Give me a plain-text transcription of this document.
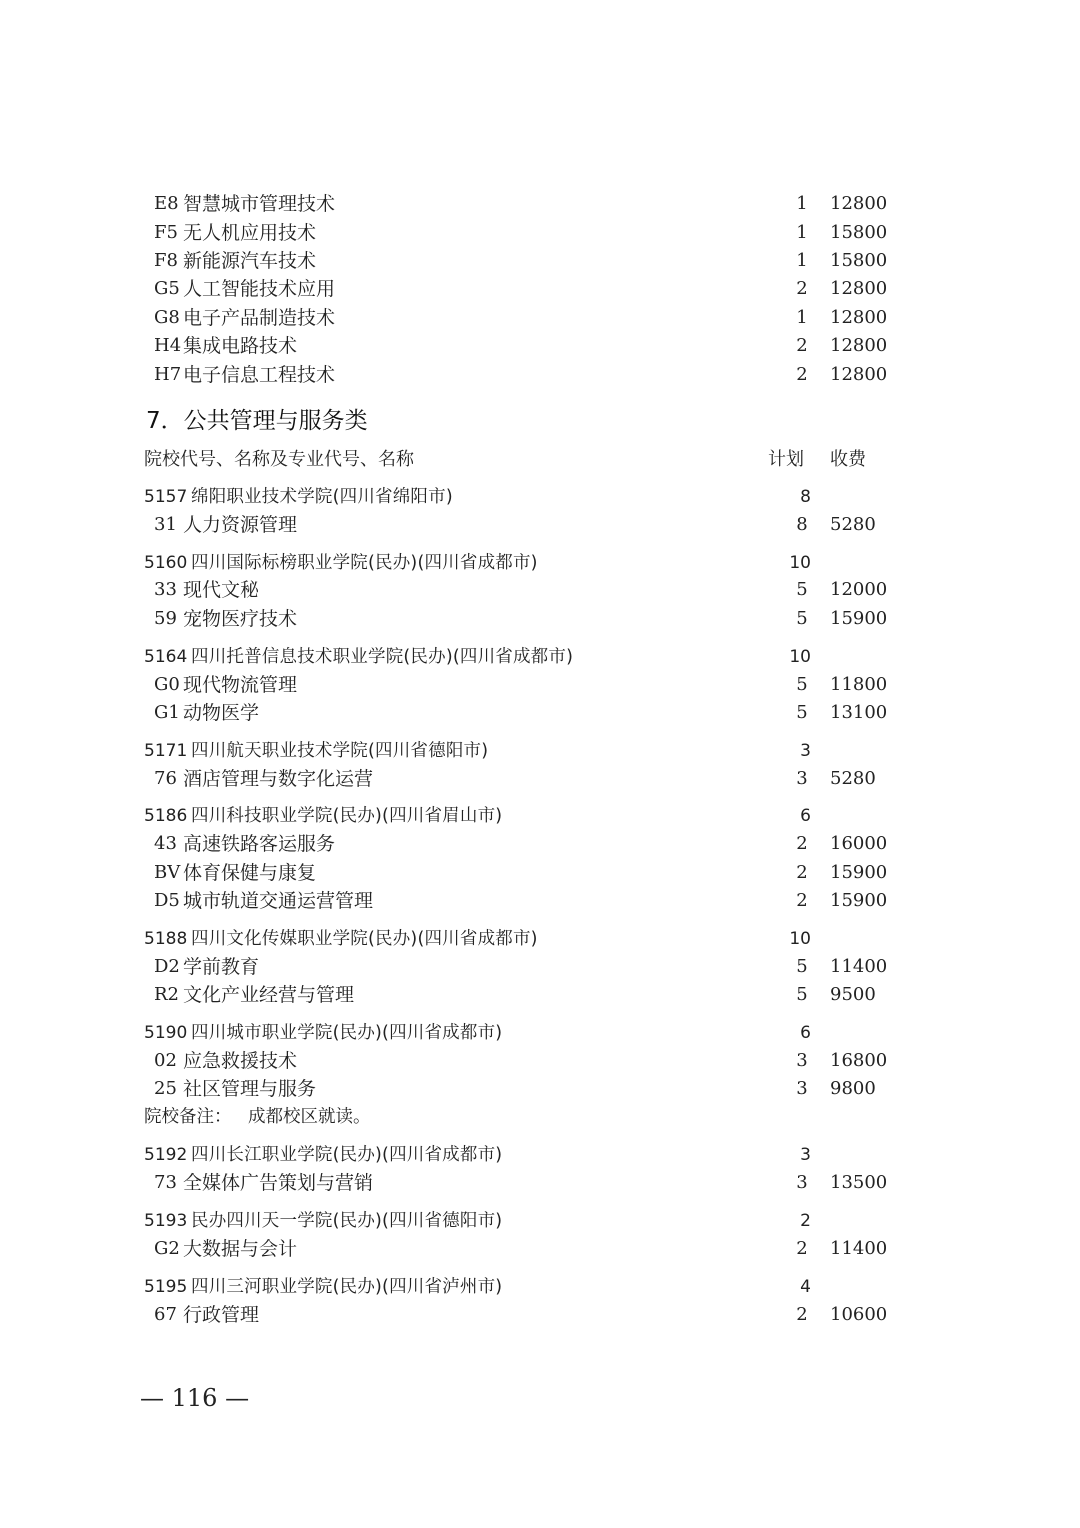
E8 智慧城市管理技术	1 12800
F5 无人机应用技术	1 15800
F8 新能源汽车技术	1 15800
G5 人工智能技术应用	2 12800
G8 电子产品制造技术	1 12800
H4 集成电路技术	2 12800
H7 电子信息工程技术	2 12800
7．公共管理与服务类
院校代号、名称及专业代号、名称	计划 收费
5157 绵阳职业技术学院(四川省绵阳市)	8
31 人力资源管理	8 5280
5160 四川国际标榜职业学院(民办)(四川省成都市)	10
33 现代文秘	5 12000
59 宠物医疗技术	5 15900
5164 四川托普信息技术职业学院(民办)(四川省成都市)	10
G0 现代物流管理	5 11800
G1 动物医学	5 13100
5171 四川航天职业技术学院(四川省德阳市)	3
76 酒店管理与数字化运营	3 5280
5186 四川科技职业学院(民办)(四川省眉山市)	6
43 高速铁路客运服务	2 16000
BV 体育保健与康复	2 15900
D5 城市轨道交通运营管理	2 15900
5188 四川文化传媒职业学院(民办)(四川省成都市)	10
D2 学前教育	5 11400
R2 文化产业经营与管理	5 9500
5190 四川城市职业学院(民办)(四川省成都市)	6
02 应急救援技术	3 16800
25 社区管理与服务	3 9800
院校备注： 成都校区就读。
5192 四川长江职业学院(民办)(四川省成都市)	3
73 全媒体广告策划与营销	3 13500
5193 民办四川天一学院(民办)(四川省德阳市)	2
G2 大数据与会计	2 11400
5195 四川三河职业学院(民办)(四川省泸州市)	4
67 行政管理	2 10600
— 116 —
